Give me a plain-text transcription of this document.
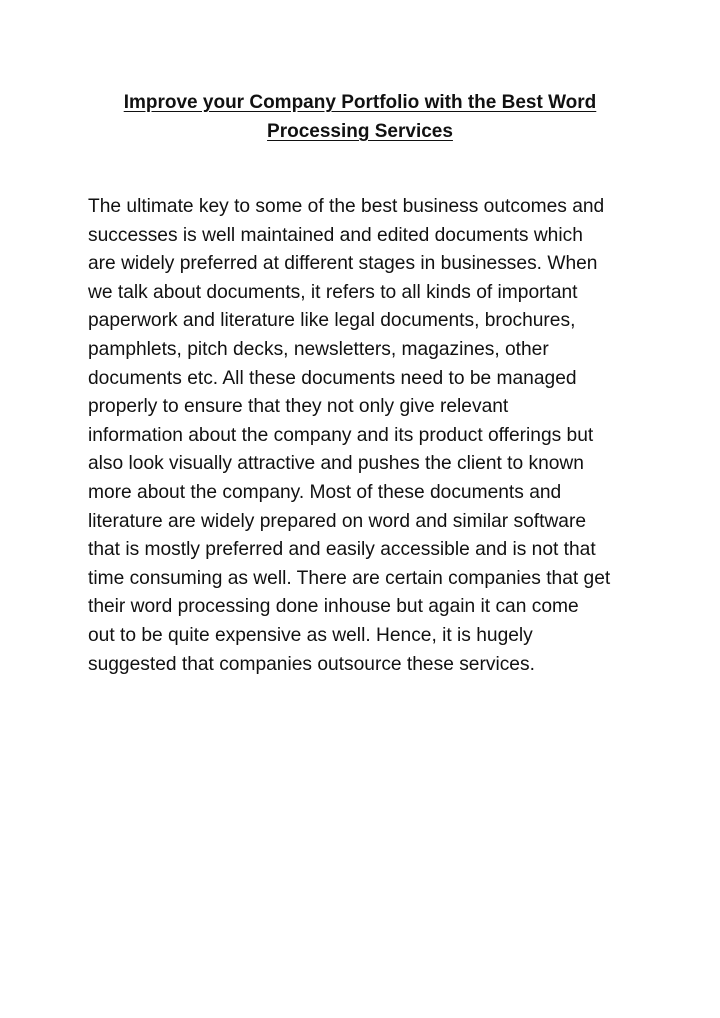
Improve your Company Portfolio with the Best Word
Processing Services

The ultimate key to some of the best business outcomes and
successes is well maintained and edited documents which
are widely preferred at different stages in businesses. When
we talk about documents, it refers to all kinds of important
paperwork and literature like legal documents, brochures,
pamphlets, pitch decks, newsletters, magazines, other
documents etc. All these documents need to be managed
properly to ensure that they not only give relevant
information about the company and its product offerings but
also look visually attractive and pushes the client to known
more about the company. Most of these documents and
literature are widely prepared on word and similar software
that is mostly preferred and easily accessible and is not that
time consuming as well. There are certain companies that get
their word processing done inhouse but again it can come
out to be quite expensive as well. Hence, it is hugely
suggested that companies outsource these services.
